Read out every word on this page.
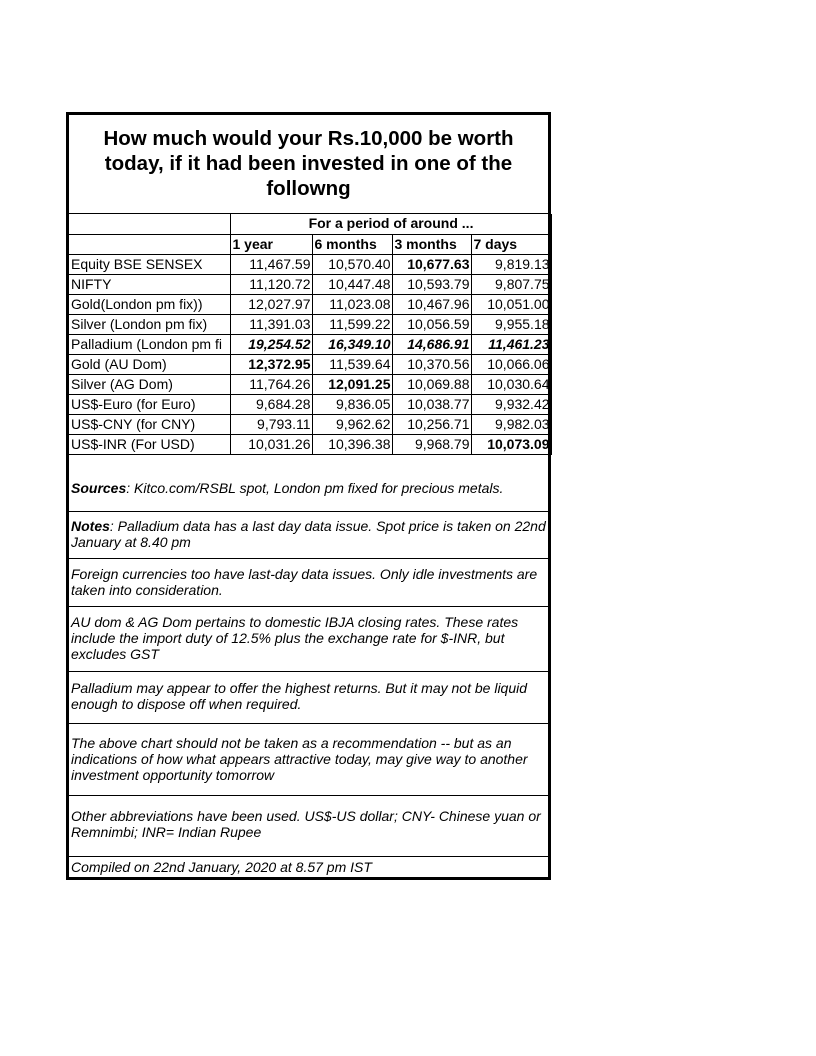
How much would your Rs.10,000 be worth today, if it had been invested in one of the followng
	For a period of around ...			
	1 year	6 months	3 months	7 days
Equity BSE SENSEX	11,467.59	10,570.40	10,677.63	9,819.13
NIFTY	11,120.72	10,447.48	10,593.79	9,807.75
Gold(London pm fix))	12,027.97	11,023.08	10,467.96	10,051.00
Silver (London pm fix)	11,391.03	11,599.22	10,056.59	9,955.18
Palladium (London pm fi	19,254.52	16,349.10	14,686.91	11,461.23
Gold (AU Dom)	12,372.95	11,539.64	10,370.56	10,066.06
Silver (AG Dom)	11,764.26	12,091.25	10,069.88	10,030.64
US$-Euro (for Euro)	9,684.28	9,836.05	10,038.77	9,932.42
US$-CNY (for CNY)	9,793.11	9,962.62	10,256.71	9,982.03
US$-INR (For USD)	10,031.26	10,396.38	9,968.79	10,073.09
Sources: Kitco.com/RSBL spot, London pm fixed for precious metals.
Notes: Palladium data has a last day data issue. Spot price is taken on 22nd January at 8.40 pm
Foreign currencies too have last-day data issues. Only idle investments are taken into consideration.
AU dom & AG Dom pertains to domestic IBJA closing rates. These rates include the import duty of 12.5% plus the exchange rate for $-INR, but excludes GST
Palladium may appear to offer the highest returns. But it may not be liquid enough to dispose off when required.
The above chart should not be taken as a recommendation -- but as an indications of how what appears attractive today, may give way to another investment opportunity tomorrow
Other abbreviations have been used. US$-US dollar; CNY- Chinese yuan or Remnimbi; INR= Indian Rupee
Compiled on 22nd January, 2020 at 8.57 pm IST
